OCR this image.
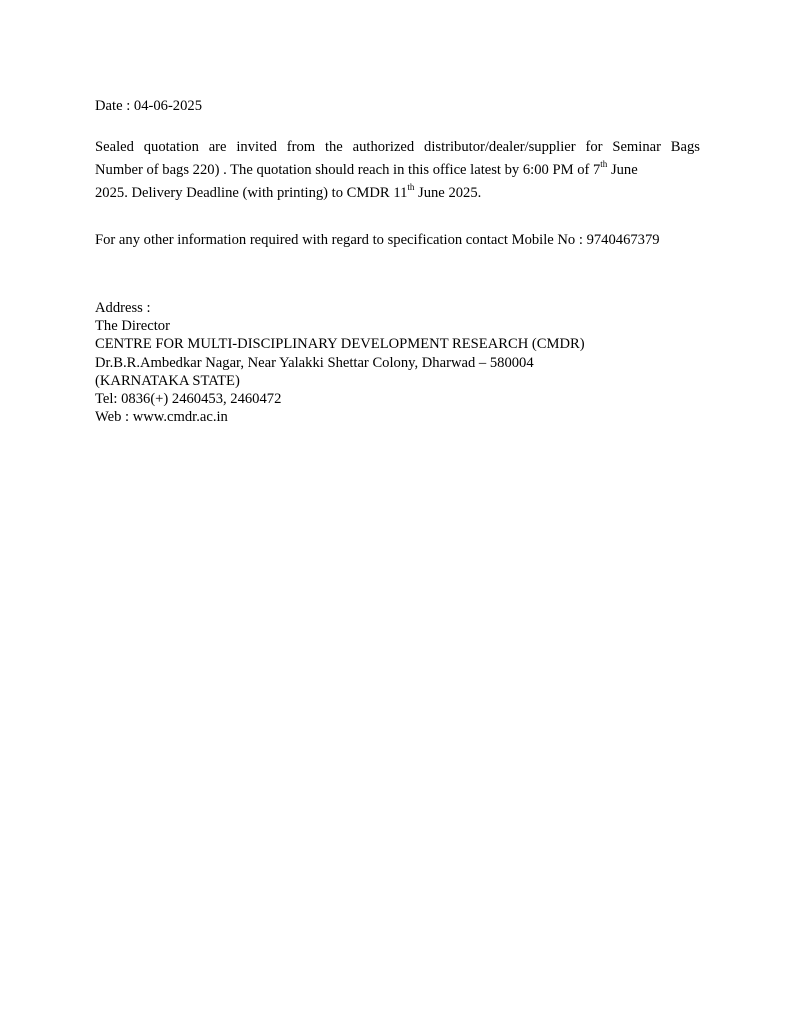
Date : 04-06-2025
Sealed quotation are invited from the authorized distributor/dealer/supplier for Seminar Bags
Number of bags 220) . The quotation should reach in this office latest by 6:00 PM of 7th June
2025. Delivery Deadline (with printing) to CMDR 11th June 2025.
For any other information required with regard to specification contact Mobile No : 9740467379
Address :
The Director
CENTRE FOR MULTI-DISCIPLINARY DEVELOPMENT RESEARCH (CMDR)
Dr.B.R.Ambedkar Nagar, Near Yalakki Shettar Colony, Dharwad – 580004
(KARNATAKA STATE)
Tel: 0836(+) 2460453, 2460472
Web : www.cmdr.ac.in
